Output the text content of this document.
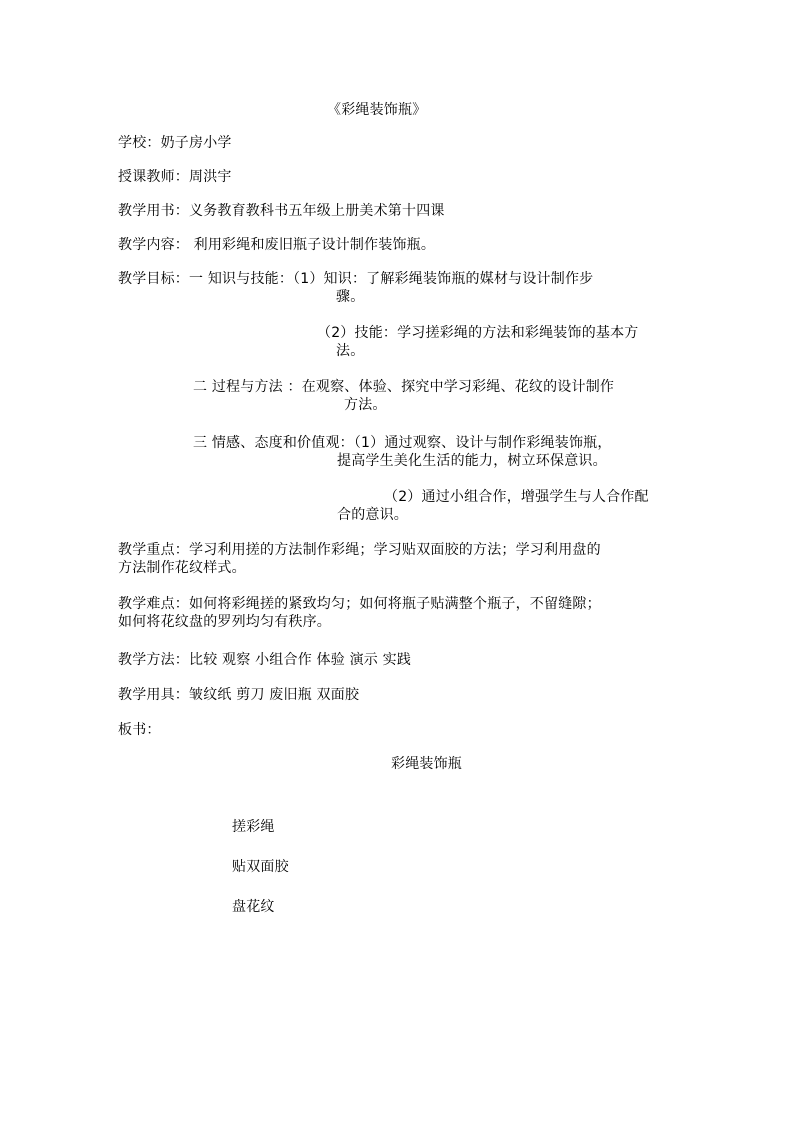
《彩绳装饰瓶》
学校：奶子房小学
授课教师：周洪宇
教学用书：义务教育教科书五年级上册美术第十四课
教学内容： 利用彩绳和废旧瓶子设计制作装饰瓶。
教学目标：一 知识与技能：（1）知识：了解彩绳装饰瓶的媒材与设计制作步
骤。
（2）技能：学习搓彩绳的方法和彩绳装饰的基本方
法。
二 过程与方法 ：在观察、体验、探究中学习彩绳、花纹的设计制作
方法。
三 情感、态度和价值观：（1）通过观察、设计与制作彩绳装饰瓶，
提高学生美化生活的能力，树立环保意识。
（2）通过小组合作，增强学生与人合作配
合的意识。
教学重点：学习利用搓的方法制作彩绳；学习贴双面胶的方法；学习利用盘的
方法制作花纹样式。
教学难点：如何将彩绳搓的紧致均匀；如何将瓶子贴满整个瓶子，不留缝隙；
如何将花纹盘的罗列均匀有秩序。
教学方法：比较 观察 小组合作 体验 演示 实践
教学用具：皱纹纸 剪刀 废旧瓶 双面胶
板书：
彩绳装饰瓶
搓彩绳
贴双面胶
盘花纹
